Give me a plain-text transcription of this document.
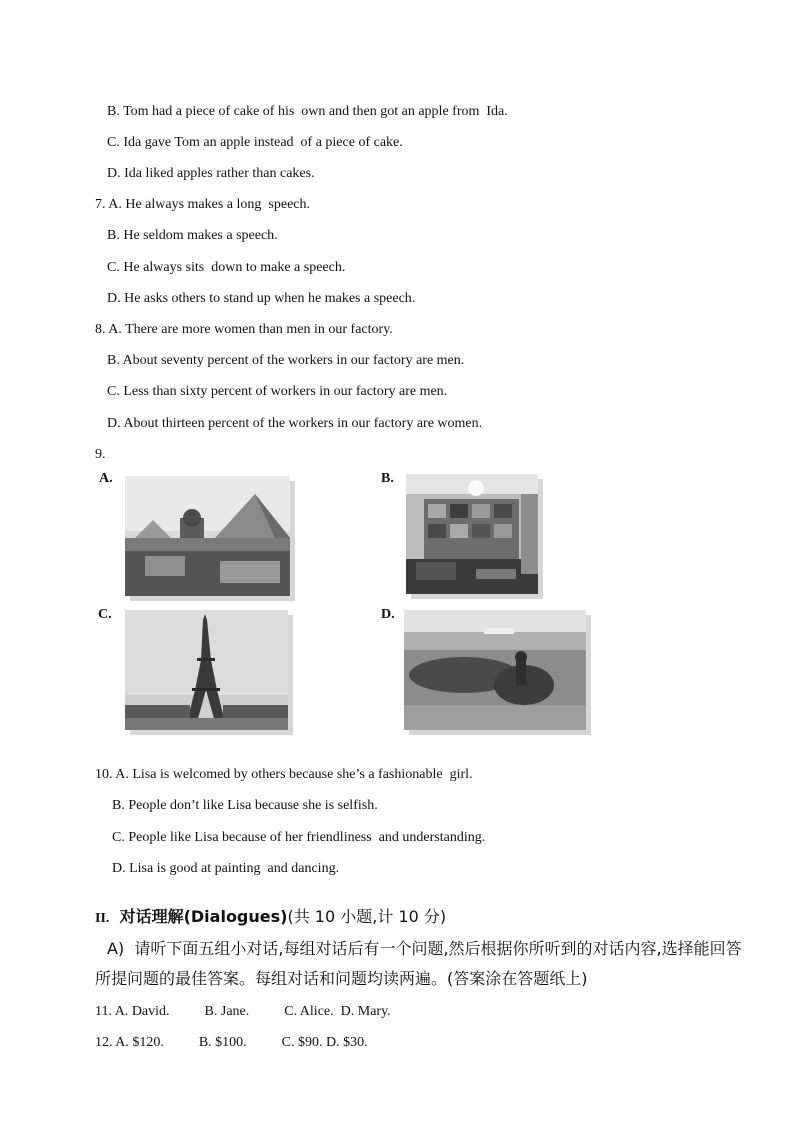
B. Tom had a piece of cake of his  own and then got an apple from  Ida.
C. Ida gave Tom an apple instead  of a piece of cake.
D. Ida liked apples rather than cakes.
7. A. He always makes a long  speech.
B. He seldom makes a speech.
C. He always sits  down to make a speech.
D. He asks others to stand up when he makes a speech.
8. A. There are more women than men in our factory.
B. About seventy percent of the workers in our factory are men.
C. Less than sixty percent of workers in our factory are men.
D. About thirteen percent of the workers in our factory are women.
9.
A.	B.
C.	D.
10. A. Lisa is welcomed by others because she’s a fashionable  girl.
B. People don’t like Lisa because she is selfish.
C. People like Lisa because of her friendliness  and understanding.
D. Lisa is good at painting  and dancing.
II. 对话理解(Dialogues)(共 10 小题,计 10 分)
A)  请听下面五组小对话,每组对话后有一个问题,然后根据你所听到的对话内容,选择能回答
所提问题的最佳答案。每组对话和问题均读两遍。(答案涂在答题纸上)
11. A. David.          B. Jane.          C. Alice.  D. Mary.
12. A. $120.          B. $100.          C. $90. D. $30.
